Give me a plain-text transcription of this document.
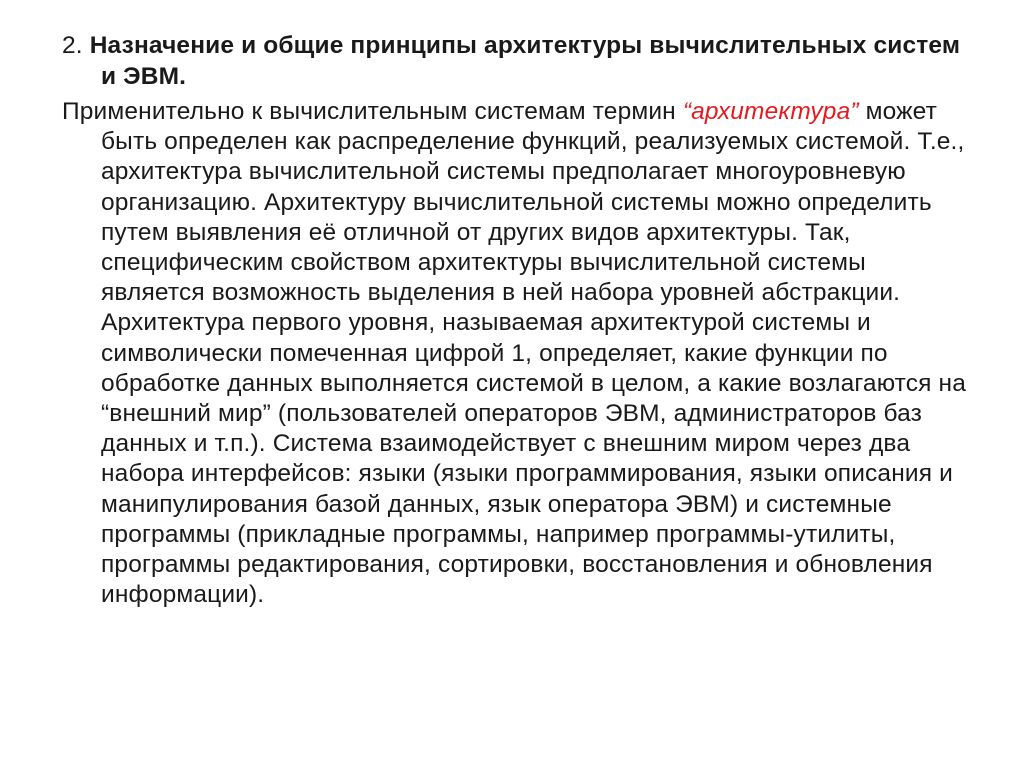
2. Назначение и общие принципы архитектуры вычислительных систем и ЭВМ.
Применительно к вычислительным системам термин “архитектура” может быть определен как распределение функций, реализуемых системой. Т.е., архитектура вычислительной системы предполагает многоуровневую организацию. Архитектуру вычислительной системы можно определить путем выявления её отличной от других видов архитектуры. Так, специфическим свойством архитектуры вычислительной системы является возможность выделения в ней набора уровней абстракции. Архитектура первого уровня, называемая архитектурой системы и символически помеченная цифрой 1, определяет, какие функции по обработке данных выполняется системой в целом, а какие возлагаются на “внешний мир” (пользователей операторов ЭВМ, администраторов баз данных и т.п.). Система взаимодействует с внешним миром через два набора интерфейсов: языки (языки программирования, языки описания и манипулирования базой данных, язык оператора ЭВМ) и системные программы (прикладные программы, например программы-утилиты, программы редактирования, сортировки, восстановления и обновления информации).
